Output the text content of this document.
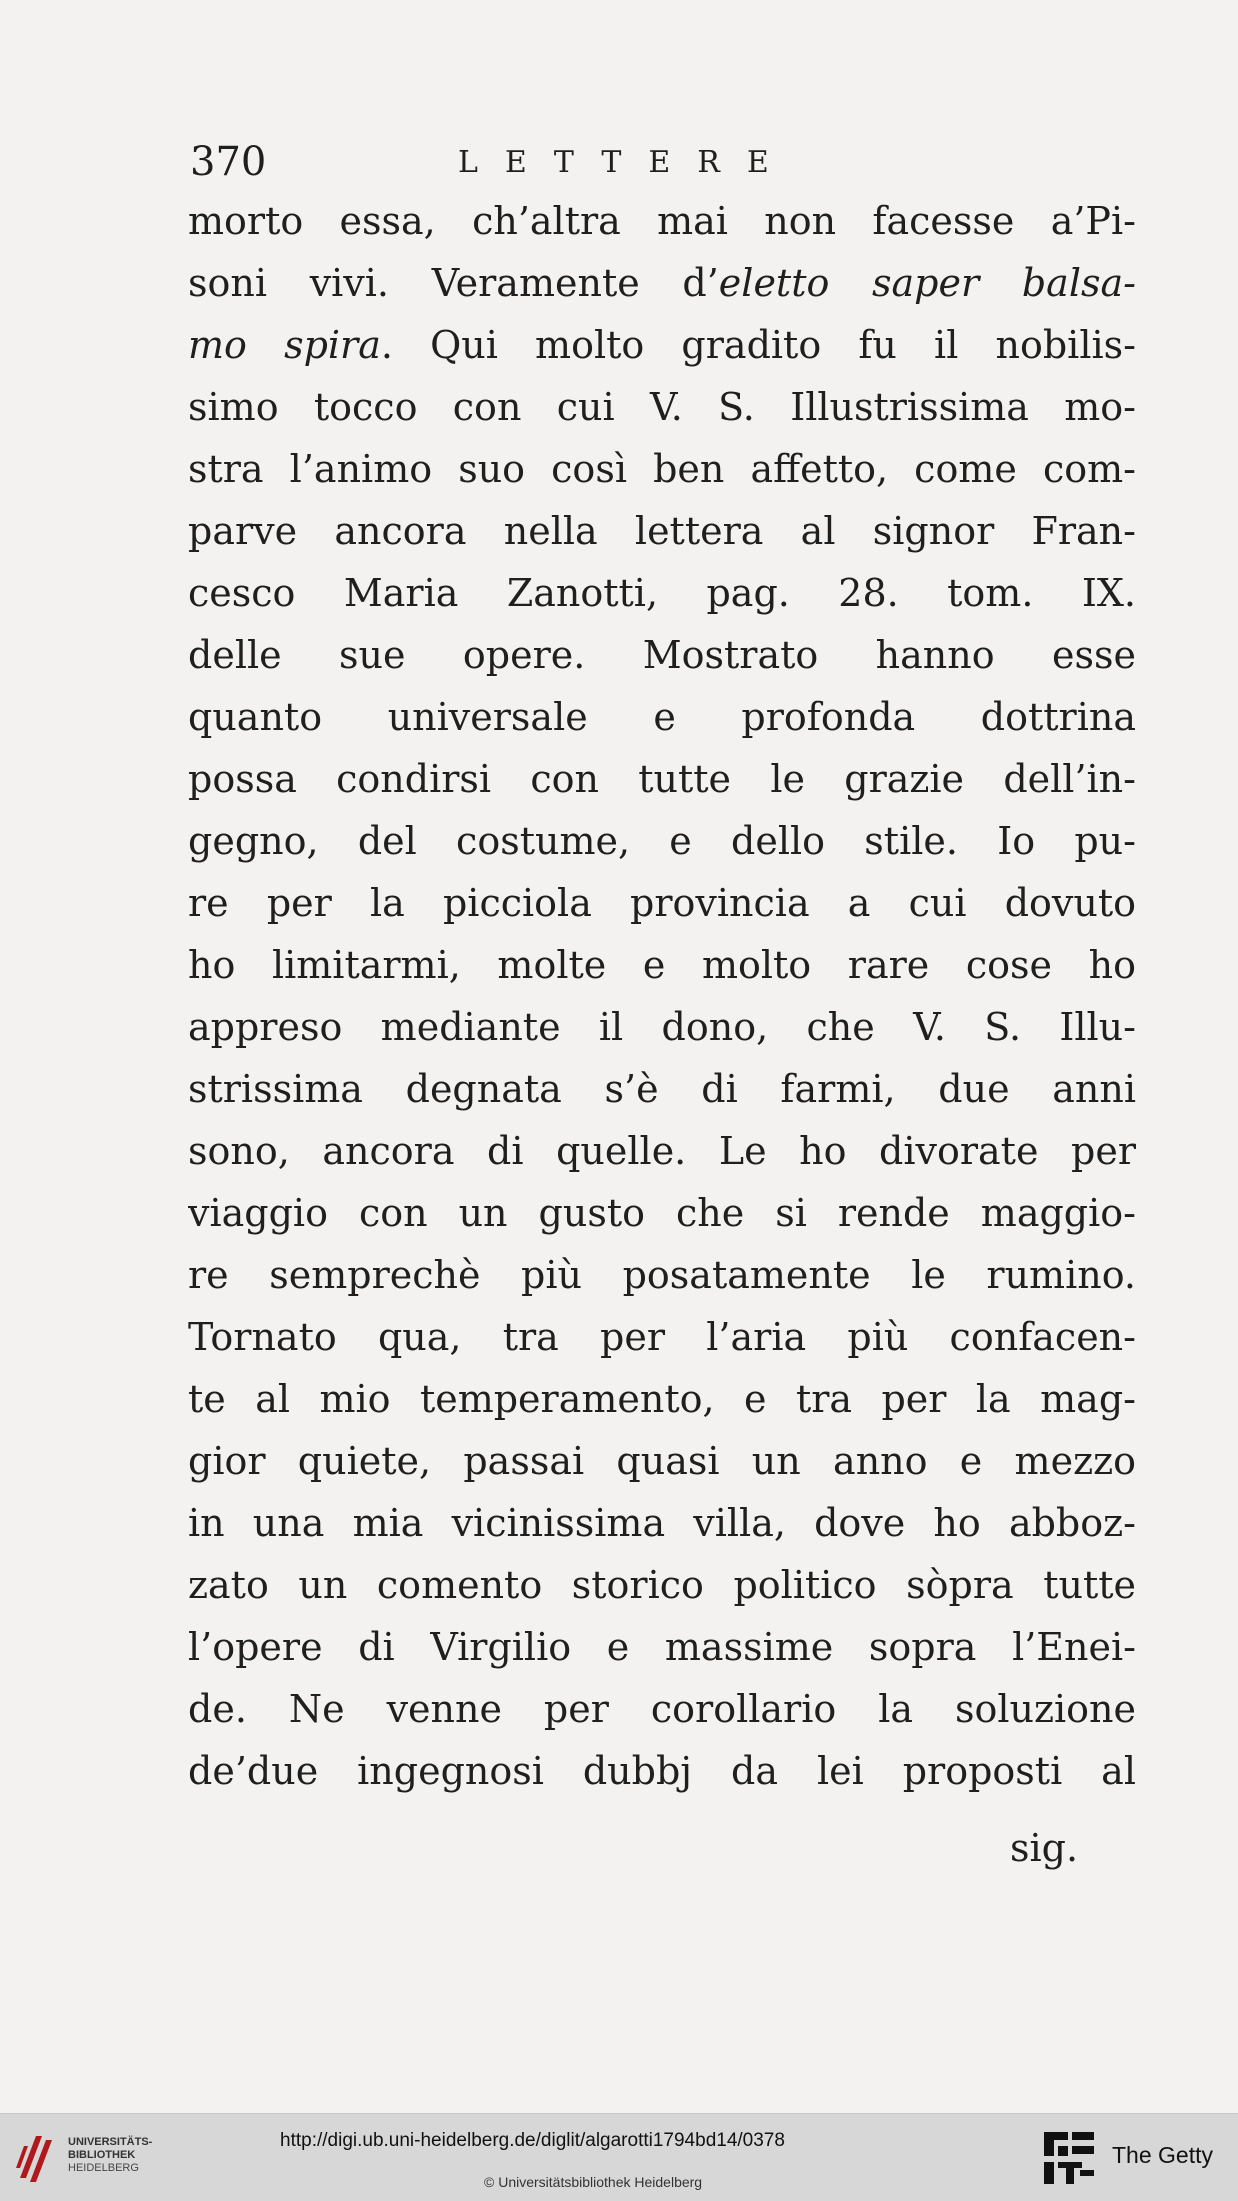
370	LETTERE
morto essa, ch’altra mai non facesse a’Pi-
soni vivi. Veramente d’eletto saper balsa-
mo spira. Qui molto gradito fu il nobilis-
simo tocco con cui V. S. Illustrissima mo-
stra l’animo suo così ben affetto, come com-
parve ancora nella lettera al signor Fran-
cesco Maria Zanotti, pag. 28. tom. IX.
delle sue opere. Mostrato hanno esse
quanto universale e profonda dottrina
possa condirsi con tutte le grazie dell’in-
gegno, del costume, e dello stile. Io pu-
re per la picciola provincia a cui dovuto
ho limitarmi, molte e molto rare cose ho
appreso mediante il dono, che V. S. Illu-
strissima degnata s’è di farmi, due anni
sono, ancora di quelle. Le ho divorate per
viaggio con un gusto che si rende maggio-
re semprechè più posatamente le rumino.
Tornato qua, tra per l’aria più confacen-
te al mio temperamento, e tra per la mag-
gior quiete, passai quasi un anno e mezzo
in una mia vicinissima villa, dove ho abboz-
zato un comento storico politico sòpra tutte
l’opere di Virgilio e massime sopra l’Enei-
de. Ne venne per corollario la soluzione
de’due ingegnosi dubbj da lei proposti al
sig.
UNIVERSITÄTS-
BIBLIOTHEK
HEIDELBERG
http://digi.ub.uni-heidelberg.de/diglit/algarotti1794bd14/0378
© Universitätsbibliothek Heidelberg
The Getty
